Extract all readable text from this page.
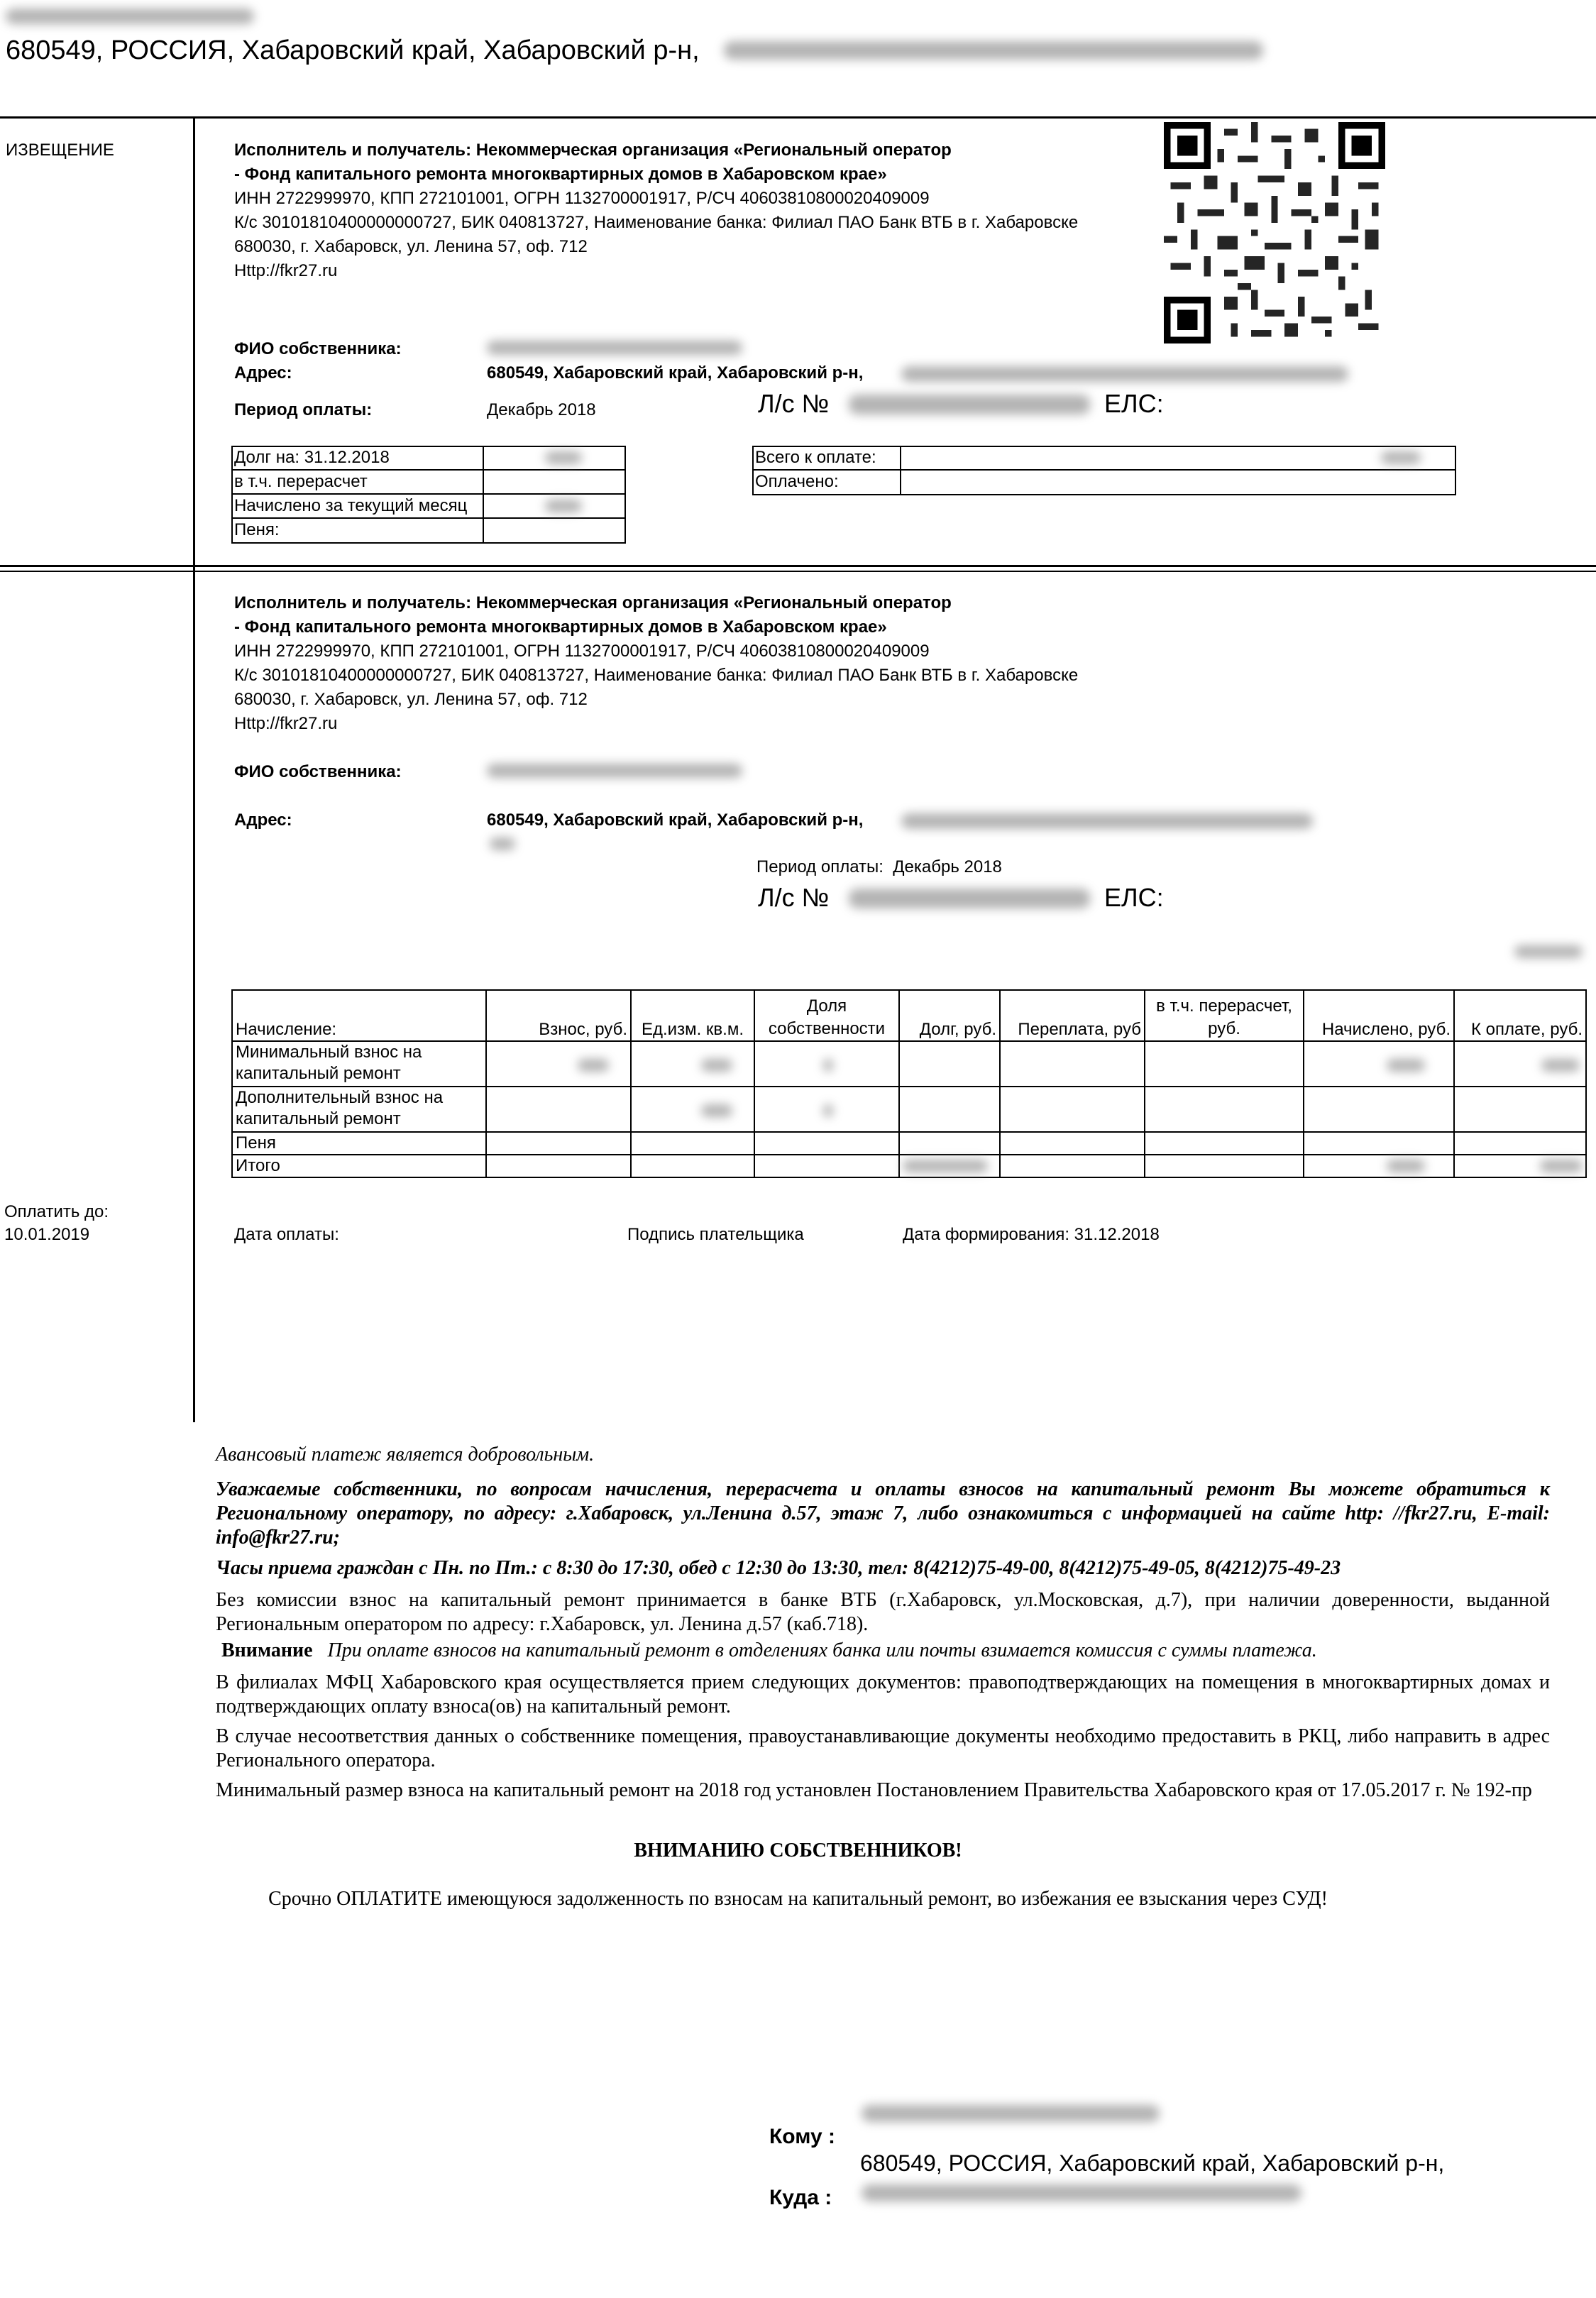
680549, РОССИЯ, Хабаровский край, Хабаровский р-н,
ИЗВЕЩЕНИЕ	Исполнитель и получатель: Некоммерческая организация «Региональный оператор
- Фонд капитального ремонта многоквартирных домов в Хабаровском крае»
ИНН 2722999970, КПП 272101001, ОГРН 1132700001917, Р/СЧ 40603810800020409009
К/с 30101810400000000727, БИК 040813727, Наименование банка: Филиал ПАО Банк ВТБ в г. Хабаровске
680030, г. Хабаровск, ул. Ленина 57, оф. 712
Http://fkr27.ru
ФИО собственника:
Адрес:	680549, Хабаровский край, Хабаровский р-н,
Период оплаты:	Декабрь 2018	Л/с №	ЕЛС:
Долг на: 31.12.2018
в т.ч. перерасчет
Начислено за текущий месяц
Пеня:
Всего к оплате:
Оплачено:
Исполнитель и получатель: Некоммерческая организация «Региональный оператор
- Фонд капитального ремонта многоквартирных домов в Хабаровском крае»
ИНН 2722999970, КПП 272101001, ОГРН 1132700001917, Р/СЧ 40603810800020409009
К/с 30101810400000000727, БИК 040813727, Наименование банка: Филиал ПАО Банк ВТБ в г. Хабаровске
680030, г. Хабаровск, ул. Ленина 57, оф. 712
Http://fkr27.ru
ФИО собственника:
Адрес:	680549, Хабаровский край, Хабаровский р-н,
Период оплаты:  Декабрь 2018
Л/с №	ЕЛС:
Начисление:	Взнос, руб.	Ед.изм. кв.м.	Доля собственности	Долг, руб.	Переплата, руб	в т.ч. перерасчет, руб.	Начислено, руб.	К оплате, руб.
Минимальный взнос на капитальный ремонт	

Дополнительный взнос на капитальный ремонт		

Пеня								
Итого				

Оплатить до:
10.01.2019	Дата оплаты:	Подпись плательщика	Дата формирования: 31.12.2018
Авансовый платеж является добровольным.

Уважаемые собственники, по вопросам начисления, перерасчета и оплаты взносов на капитальный ремонт Вы можете обратиться к Региональному оператору, по адресу: г.Хабаровск, ул.Ленина д.57, этаж 7, либо ознакомиться с информацией на сайте http: //fkr27.ru, E-mail: info@fkr27.ru;

Часы приема граждан с Пн. по Пт.: с 8:30 до 17:30, обед с 12:30 до 13:30, тел: 8(4212)75-49-00, 8(4212)75-49-05, 8(4212)75-49-23
Без комиссии взнос на капитальный ремонт принимается в банке ВТБ (г.Хабаровск, ул.Московская, д.7), при наличии доверенности, выданной Региональным оператором по адресу: г.Хабаровск, ул. Ленина д.57 (каб.718).
Внимание При оплате взносов на капитальный ремонт в отделениях банка или почты взимается комиссия с суммы платежа.
В филиалах МФЦ Хабаровского края осуществляется прием следующих документов: правоподтверждающих на помещения в многоквартирных домах и подтверждающих оплату взноса(ов) на капитальный ремонт.
В случае несоответствия данных о собственнике помещения, правоустанавливающие документы необходимо предоставить в РКЦ, либо направить в адрес Регионального оператора.
Минимальный размер взноса на капитальный ремонт на 2018 год установлен Постановлением Правительства Хабаровского края от 17.05.2017 г. № 192-пр
ВНИМАНИЮ СОБСТВЕННИКОВ!
Срочно ОПЛАТИТЕ имеющуюся задолженность по взносам на капитальный ремонт, во избежания ее взыскания через СУД!
Кому :
680549, РОССИЯ, Хабаровский край, Хабаровский р-н,
Куда :
